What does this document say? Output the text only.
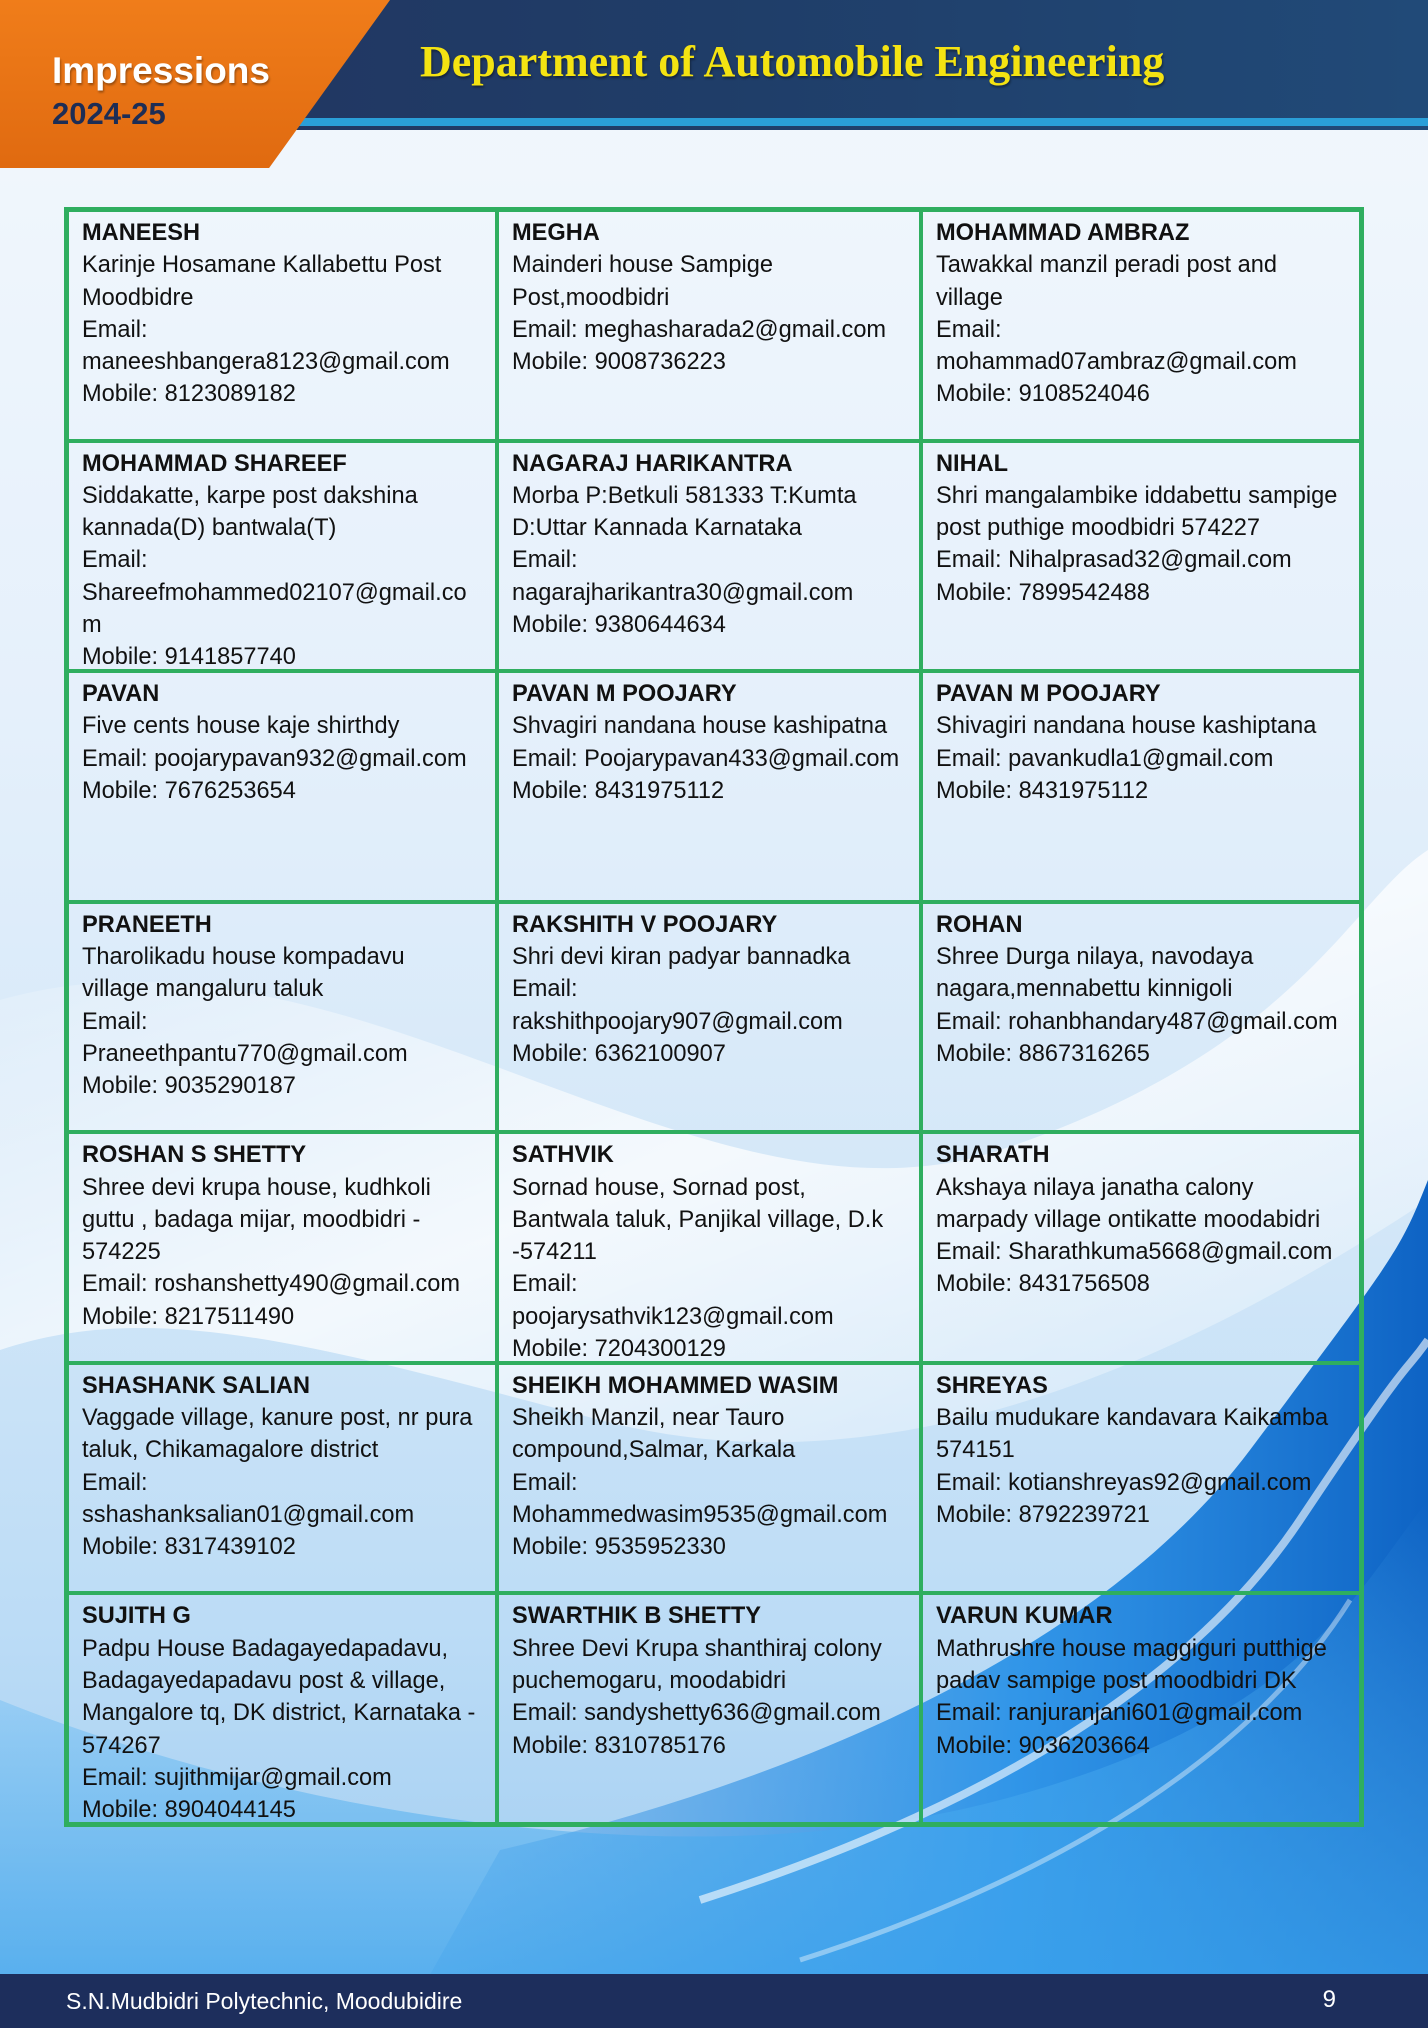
Impressions
2024-25
Department of Automobile Engineering
MANEESH
Karinje Hosamane Kallabettu Post
Moodbidre
Email:
maneeshbangera8123@gmail.com
Mobile: 8123089182
MEGHA
Mainderi house Sampige
Post,moodbidri
Email: meghasharada2@gmail.com
Mobile: 9008736223
MOHAMMAD AMBRAZ
Tawakkal manzil peradi post and
village
Email:
mohammad07ambraz@gmail.com
Mobile: 9108524046
MOHAMMAD SHAREEF
Siddakatte, karpe post dakshina
kannada(D) bantwala(T)
Email:
Shareefmohammed02107@gmail.co
m
Mobile: 9141857740
NAGARAJ HARIKANTRA
Morba P:Betkuli 581333 T:Kumta
D:Uttar Kannada Karnataka
Email:
nagarajharikantra30@gmail.com
Mobile: 9380644634
NIHAL
Shri mangalambike iddabettu sampige
post puthige moodbidri 574227
Email: Nihalprasad32@gmail.com
Mobile: 7899542488
PAVAN
Five cents house kaje shirthdy
Email: poojarypavan932@gmail.com
Mobile: 7676253654
PAVAN M POOJARY
Shvagiri nandana house kashipatna
Email: Poojarypavan433@gmail.com
Mobile: 8431975112
PAVAN M POOJARY
Shivagiri nandana house kashiptana
Email: pavankudla1@gmail.com
Mobile: 8431975112
PRANEETH
Tharolikadu house kompadavu
village mangaluru taluk
Email:
Praneethpantu770@gmail.com
Mobile: 9035290187
RAKSHITH V POOJARY
Shri devi kiran padyar bannadka
Email:
rakshithpoojary907@gmail.com
Mobile: 6362100907
ROHAN
Shree Durga nilaya, navodaya
nagara,mennabettu kinnigoli
Email: rohanbhandary487@gmail.com
Mobile: 8867316265
ROSHAN S SHETTY
Shree devi krupa house, kudhkoli
guttu , badaga mijar, moodbidri -
574225
Email: roshanshetty490@gmail.com
Mobile: 8217511490
SATHVIK
Sornad house, Sornad post,
Bantwala taluk, Panjikal village, D.k
-574211
Email:
poojarysathvik123@gmail.com
Mobile: 7204300129
SHARATH
Akshaya nilaya janatha calony
marpady village ontikatte moodabidri
Email: Sharathkuma5668@gmail.com
Mobile: 8431756508
SHASHANK SALIAN
Vaggade village, kanure post, nr pura
taluk, Chikamagalore district
Email:
sshashanksalian01@gmail.com
Mobile: 8317439102
SHEIKH MOHAMMED WASIM
Sheikh Manzil, near Tauro
compound,Salmar, Karkala
Email:
Mohammedwasim9535@gmail.com
Mobile: 9535952330
SHREYAS
Bailu mudukare kandavara Kaikamba
574151
Email: kotianshreyas92@gmail.com
Mobile: 8792239721
SUJITH G
Padpu House Badagayedapadavu,
Badagayedapadavu post & village,
Mangalore tq, DK district, Karnataka -
574267
Email: sujithmijar@gmail.com
Mobile: 8904044145
SWARTHIK B SHETTY
Shree Devi Krupa shanthiraj colony
puchemogaru, moodabidri
Email: sandyshetty636@gmail.com
Mobile: 8310785176
VARUN KUMAR
Mathrushre house maggiguri putthige
padav sampige post moodbidri DK
Email: ranjuranjani601@gmail.com
Mobile: 9036203664
S.N.Mudbidri Polytechnic, Moodubidire	9
